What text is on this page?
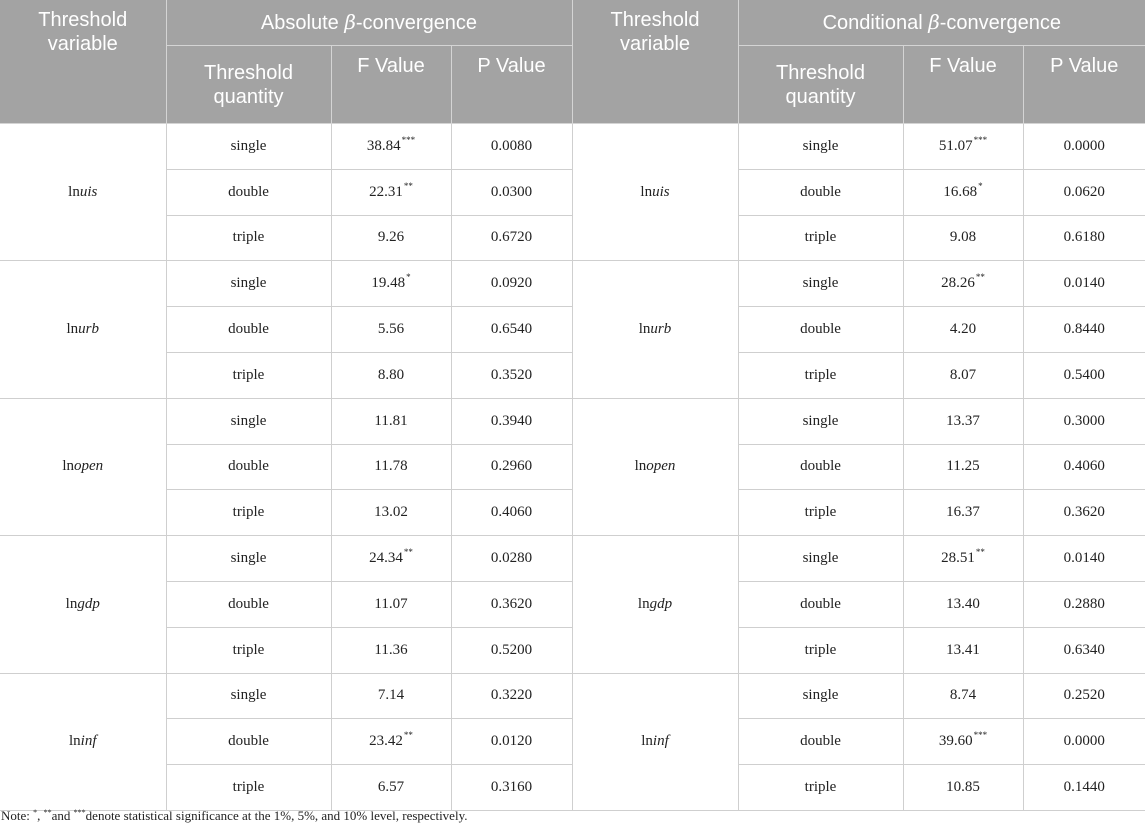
Threshold variable	Absolute β-convergence			Threshold variable	Conditional β-convergence		
	Threshold quantity	F Value	P Value		Threshold quantity	F Value	P Value
lnuis	single	38.84***	0.0080	lnuis	single	51.07***	0.0000
	double	22.31**	0.0300		double	16.68*	0.0620
	triple	9.26	0.6720		triple	9.08	0.6180
lnurb	single	19.48*	0.0920	lnurb	single	28.26**	0.0140
	double	5.56	0.6540		double	4.20	0.8440
	triple	8.80	0.3520		triple	8.07	0.5400
lnopen	single	11.81	0.3940	lnopen	single	13.37	0.3000
	double	11.78	0.2960		double	11.25	0.4060
	triple	13.02	0.4060		triple	16.37	0.3620
lngdp	single	24.34**	0.0280	lngdp	single	28.51**	0.0140
	double	11.07	0.3620		double	13.40	0.2880
	triple	11.36	0.5200		triple	13.41	0.6340
lninf	single	7.14	0.3220	lninf	single	8.74	0.2520
	double	23.42**	0.0120		double	39.60***	0.0000
	triple	6.57	0.3160		triple	10.85	0.1440
Note: *, **and ***denote statistical significance at the 1%, 5%, and 10% level, respectively.
